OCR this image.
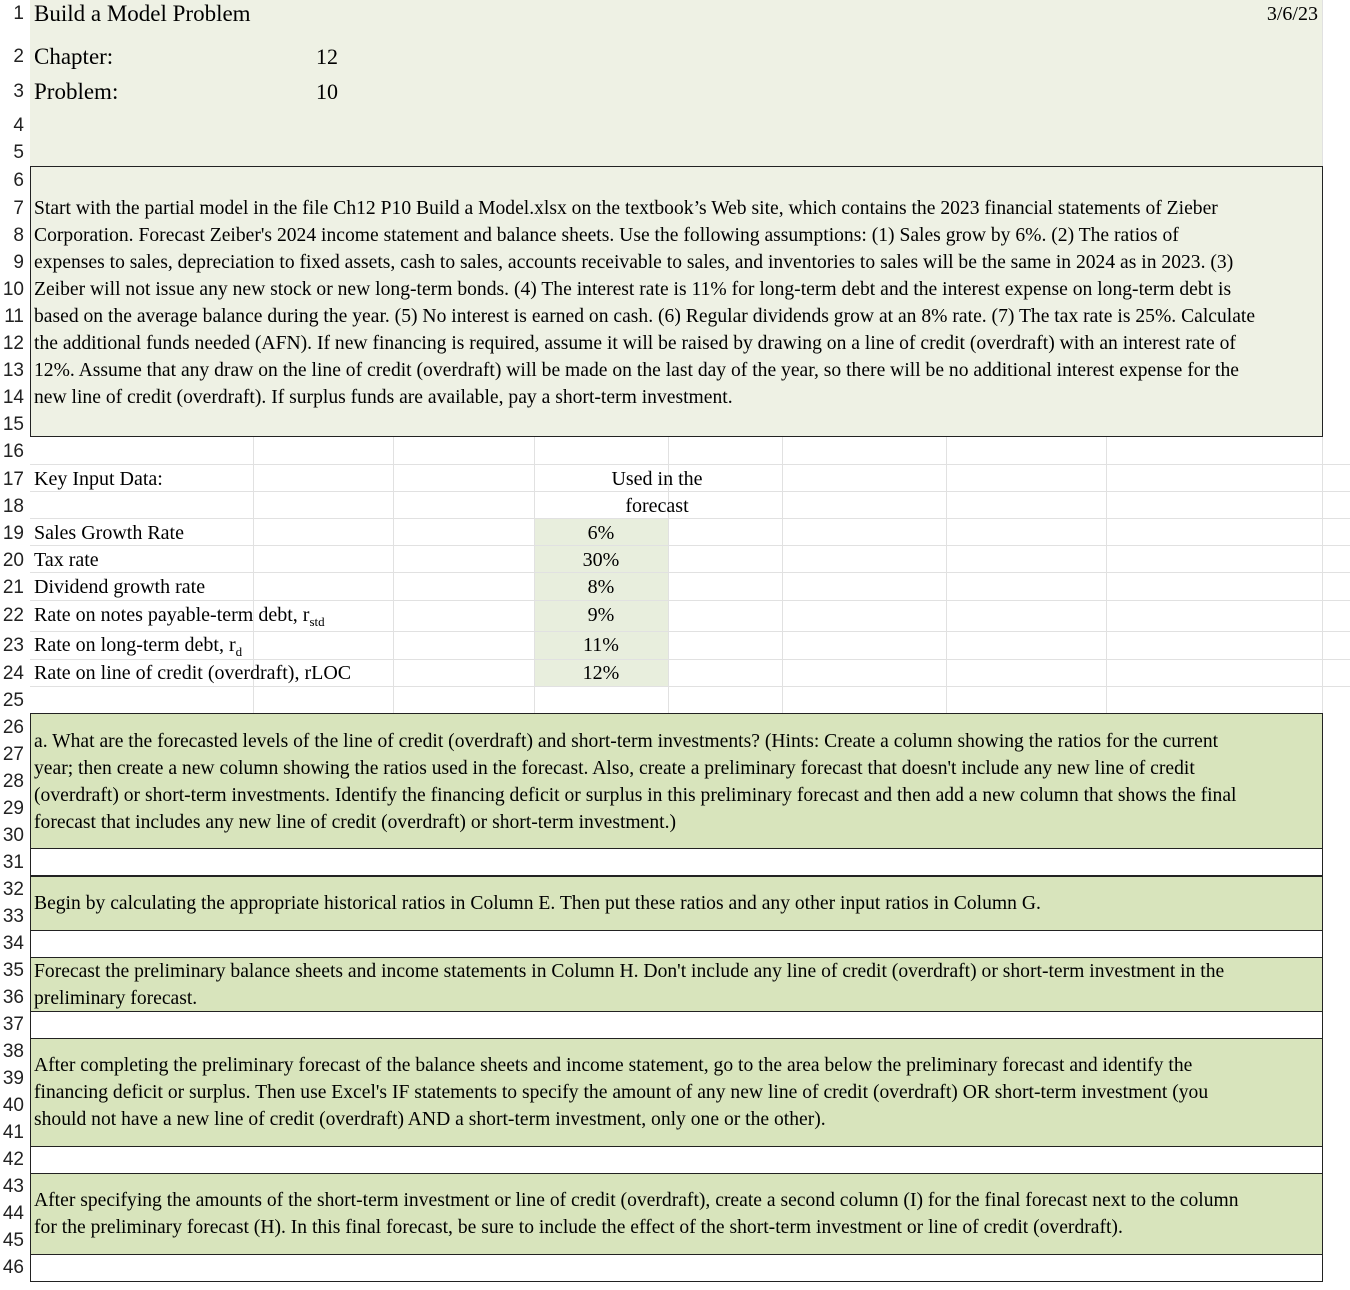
1
2
3
4
5
6
7
8
9
10
11
12
13
14
15
16
17
18
19
20
21
22
23
24
25
26
27
28
29
30
31
32
33
34
35
36
37
38
39
40
41
42
43
44
45
46
Build a Model Problem	3/6/23
Chapter:	12
Problem:	10
Start with the partial model in the file Ch12 P10 Build a Model.xlsx on the textbook’s Web site, which contains the 2023 financial statements of Zieber
Corporation. Forecast Zeiber's 2024 income statement and balance sheets. Use the following assumptions: (1) Sales grow by 6%. (2) The ratios of
expenses to sales, depreciation to fixed assets, cash to sales, accounts receivable to sales, and inventories to sales will be the same in 2024 as in 2023. (3)
Zeiber will not issue any new stock or new long-term bonds. (4) The interest rate is 11% for long-term debt and the interest expense on long-term debt is
based on the average balance during the year. (5) No interest is earned on cash. (6) Regular dividends grow at an 8% rate. (7) The tax rate is 25%. Calculate
the additional funds needed (AFN). If new financing is required, assume it will be raised by drawing on a line of credit (overdraft) with an interest rate of
12%. Assume that any draw on the line of credit (overdraft) will be made on the last day of the year, so there will be no additional interest expense for the
new line of credit (overdraft). If surplus funds are available, pay a short-term investment.
Key Input Data:	Used in the
forecast
Sales Growth Rate	6%
Tax rate	30%
Dividend growth rate	8%
Rate on notes payable-term debt, $r_{std}$	9%
Rate on long-term debt, $r_d$	11%
Rate on line of credit (overdraft), rLOC	12%
a. What are the forecasted levels of the line of credit (overdraft) and short-term investments? (Hints: Create a column showing the ratios for the current
year; then create a new column showing the ratios used in the forecast. Also, create a preliminary forecast that doesn't include any new line of credit
(overdraft) or short-term investments. Identify the financing deficit or surplus in this preliminary forecast and then add a new column that shows the final
forecast that includes any new line of credit (overdraft) or short-term investment.)
Begin by calculating the appropriate historical ratios in Column E. Then put these ratios and any other input ratios in Column G.
Forecast the preliminary balance sheets and income statements in Column H. Don't include any line of credit (overdraft) or short-term investment in the
preliminary forecast.
After completing the preliminary forecast of the balance sheets and income statement, go to the area below the preliminary forecast and identify the
financing deficit or surplus. Then use Excel's IF statements to specify the amount of any new line of credit (overdraft) OR short-term investment (you
should not have a new line of credit (overdraft) AND a short-term investment, only one or the other).
After specifying the amounts of the short-term investment or line of credit (overdraft), create a second column (I) for the final forecast next to the column
for the preliminary forecast (H). In this final forecast, be sure to include the effect of the short-term investment or line of credit (overdraft).
